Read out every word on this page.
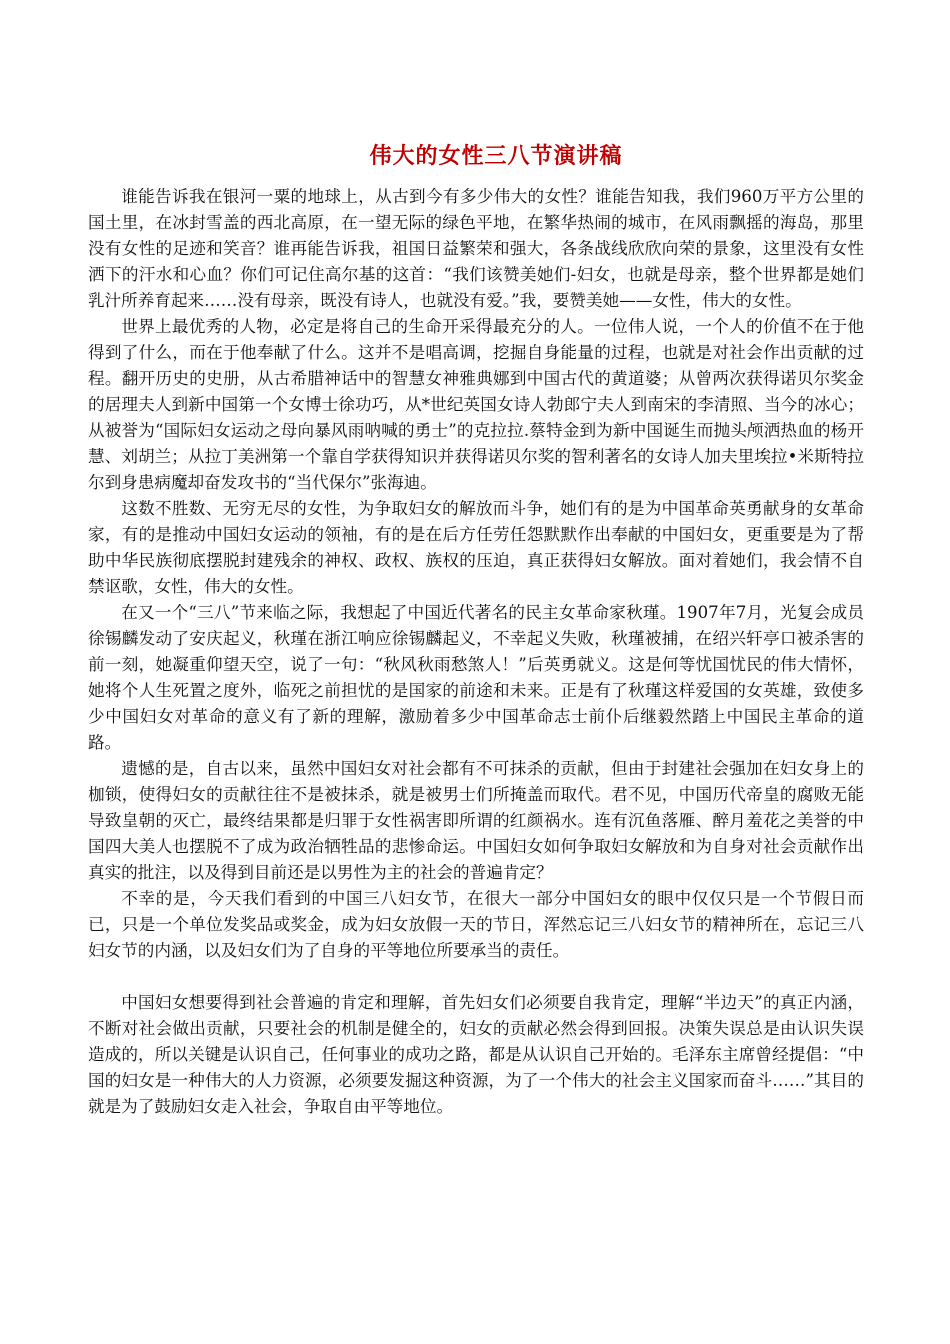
伟大的女性三八节演讲稿

谁能告诉我在银河一粟的地球上，从古到今有多少伟大的女性？谁能告知我，我们960万平方公里的国土里，在冰封雪盖的西北高原，在一望无际的绿色平地，在繁华热闹的城市，在风雨飘摇的海岛，那里没有女性的足迹和笑音？谁再能告诉我，祖国日益繁荣和强大，各条战线欣欣向荣的景象，这里没有女性洒下的汗水和心血？你们可记住高尔基的这首：“我们该赞美她们-妇女，也就是母亲，整个世界都是她们乳汁所养育起来……没有母亲，既没有诗人，也就没有爱。”我，要赞美她——女性，伟大的女性。

世界上最优秀的人物，必定是将自己的生命开采得最充分的人。一位伟人说，一个人的价值不在于他得到了什么，而在于他奉献了什么。这并不是唱高调，挖掘自身能量的过程，也就是对社会作出贡献的过程。翻开历史的史册，从古希腊神话中的智慧女神雅典娜到中国古代的黄道婆；从曾两次获得诺贝尔奖金的居理夫人到新中国第一个女博士徐功巧，从*世纪英国女诗人勃郎宁夫人到南宋的李清照、当今的冰心；从被誉为“国际妇女运动之母向暴风雨呐喊的勇士”的克拉拉.蔡特金到为新中国诞生而抛头颅洒热血的杨开慧、刘胡兰；从拉丁美洲第一个靠自学获得知识并获得诺贝尔奖的智利著名的女诗人加夫里埃拉•米斯特拉尔到身患病魔却奋发攻书的“当代保尔”张海迪。

这数不胜数、无穷无尽的女性，为争取妇女的解放而斗争，她们有的是为中国革命英勇献身的女革命家，有的是推动中国妇女运动的领袖，有的是在后方任劳任怨默默作出奉献的中国妇女，更重要是为了帮助中华民族彻底摆脱封建残余的神权、政权、族权的压迫，真正获得妇女解放。面对着她们，我会情不自禁讴歌，女性，伟大的女性。

在又一个“三八”节来临之际，我想起了中国近代著名的民主女革命家秋瑾。1907年7月，光复会成员徐锡麟发动了安庆起义，秋瑾在浙江响应徐锡麟起义，不幸起义失败，秋瑾被捕，在绍兴轩亭口被杀害的前一刻，她凝重仰望天空，说了一句：“秋风秋雨愁煞人！”后英勇就义。这是何等忧国忧民的伟大情怀，她将个人生死置之度外，临死之前担忧的是国家的前途和未来。正是有了秋瑾这样爱国的女英雄，致使多少中国妇女对革命的意义有了新的理解，激励着多少中国革命志士前仆后继毅然踏上中国民主革命的道路。

遗憾的是，自古以来，虽然中国妇女对社会都有不可抹杀的贡献，但由于封建社会强加在妇女身上的枷锁，使得妇女的贡献往往不是被抹杀，就是被男士们所掩盖而取代。君不见，中国历代帝皇的腐败无能导致皇朝的灭亡，最终结果都是归罪于女性祸害即所谓的红颜祸水。连有沉鱼落雁、醉月羞花之美誉的中国四大美人也摆脱不了成为政治牺牲品的悲惨命运。中国妇女如何争取妇女解放和为自身对社会贡献作出真实的批注，以及得到目前还是以男性为主的社会的普遍肯定？

不幸的是，今天我们看到的中国三八妇女节，在很大一部分中国妇女的眼中仅仅只是一个节假日而已，只是一个单位发奖品或奖金，成为妇女放假一天的节日，浑然忘记三八妇女节的精神所在，忘记三八妇女节的内涵，以及妇女们为了自身的平等地位所要承当的责任。

中国妇女想要得到社会普遍的肯定和理解，首先妇女们必须要自我肯定，理解“半边天”的真正内涵，不断对社会做出贡献，只要社会的机制是健全的，妇女的贡献必然会得到回报。决策失误总是由认识失误造成的，所以关键是认识自己，任何事业的成功之路，都是从认识自己开始的。毛泽东主席曾经提倡：“中国的妇女是一种伟大的人力资源，必须要发掘这种资源，为了一个伟大的社会主义国家而奋斗……”其目的就是为了鼓励妇女走入社会，争取自由平等地位。
